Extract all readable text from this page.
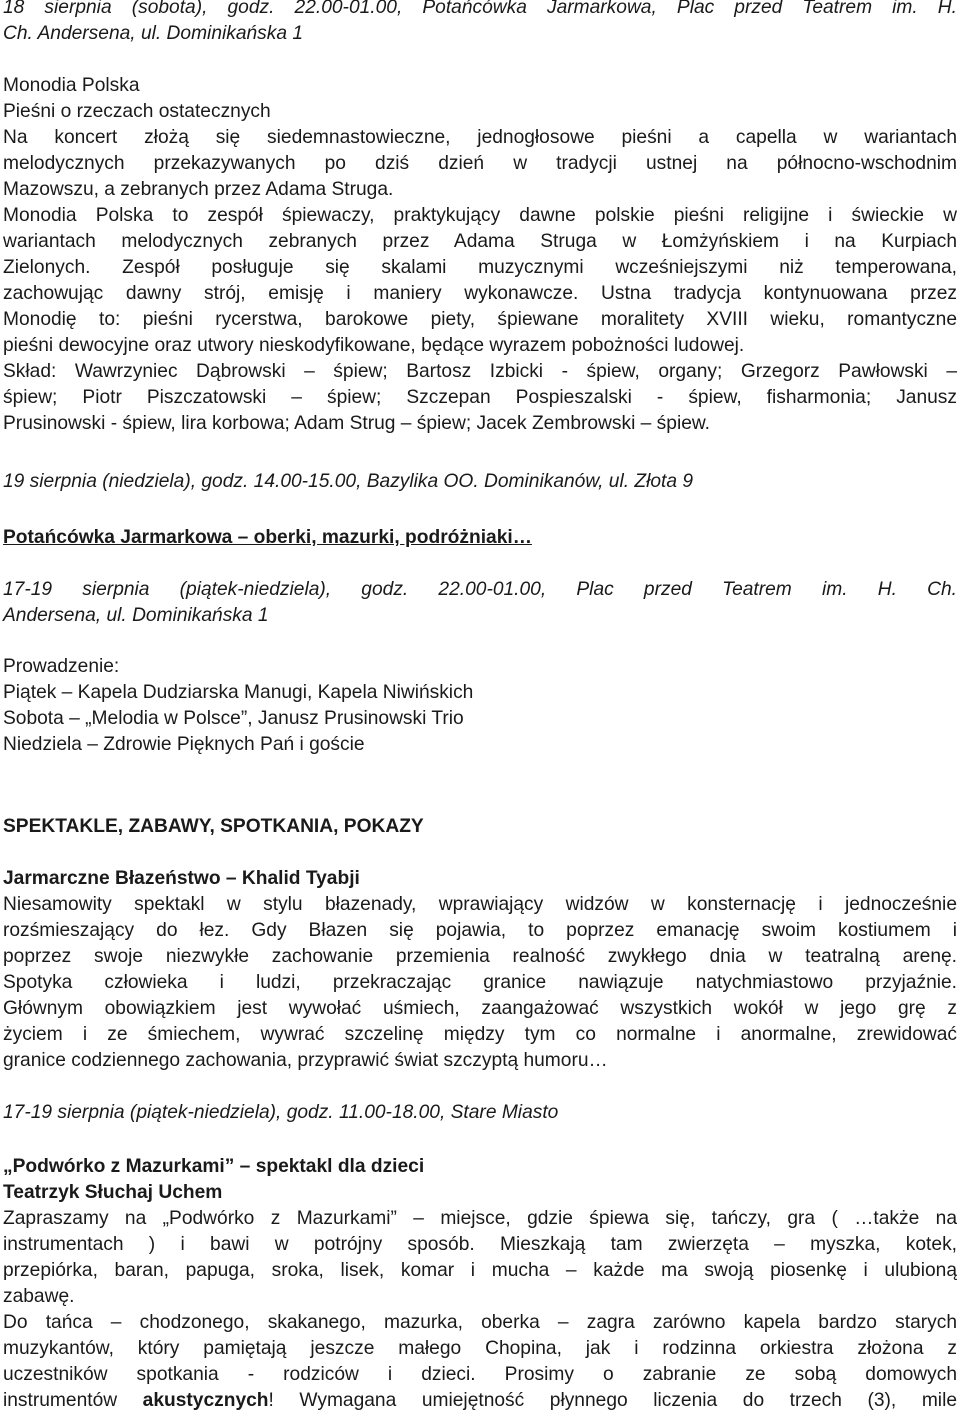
18 sierpnia (sobota), godz. 22.00-01.00, Potańcówka Jarmarkowa, Plac przed Teatrem im. H.
Ch. Andersena, ul. Dominikańska 1
Monodia Polska
Pieśni o rzeczach ostatecznych
Na koncert złożą się siedemnastowieczne, jednogłosowe pieśni a capella w wariantach
melodycznych przekazywanych po dziś dzień w tradycji ustnej na północno-wschodnim
Mazowszu, a zebranych przez Adama Struga.
Monodia Polska to zespół śpiewaczy, praktykujący dawne polskie pieśni religijne i świeckie w
wariantach melodycznych zebranych przez Adama Struga w Łomżyńskiem i na Kurpiach
Zielonych. Zespół posługuje się skalami muzycznymi wcześniejszymi niż temperowana,
zachowując dawny strój, emisję i maniery wykonawcze. Ustna tradycja kontynuowana przez
Monodię to: pieśni rycerstwa, barokowe piety, śpiewane moralitety XVIII wieku, romantyczne
pieśni dewocyjne oraz utwory nieskodyfikowane, będące wyrazem pobożności ludowej.
Skład: Wawrzyniec Dąbrowski – śpiew; Bartosz Izbicki - śpiew, organy; Grzegorz Pawłowski –
śpiew; Piotr Piszczatowski – śpiew; Szczepan Pospieszalski - śpiew, fisharmonia; Janusz
Prusinowski - śpiew, lira korbowa; Adam Strug – śpiew; Jacek Zembrowski – śpiew.
19 sierpnia (niedziela), godz. 14.00-15.00, Bazylika OO. Dominikanów, ul. Złota 9
Potańcówka Jarmarkowa – oberki, mazurki, podróżniaki…
17-19 sierpnia (piątek-niedziela), godz. 22.00-01.00, Plac przed Teatrem im. H. Ch.
Andersena, ul. Dominikańska 1
Prowadzenie:
Piątek – Kapela Dudziarska Manugi, Kapela Niwińskich
Sobota – „Melodia w Polsce”, Janusz Prusinowski Trio
Niedziela – Zdrowie Pięknych Pań i goście
SPEKTAKLE, ZABAWY, SPOTKANIA, POKAZY
Jarmarczne Błazeństwo – Khalid Tyabji
Niesamowity spektakl w stylu błazenady, wprawiający widzów w konsternację i jednocześnie
rozśmieszający do łez. Gdy Błazen się pojawia, to poprzez emanację swoim kostiumem i
poprzez swoje niezwykłe zachowanie przemienia realność zwykłego dnia w teatralną arenę.
Spotyka człowieka i ludzi, przekraczając granice nawiązuje natychmiastowo przyjaźnie.
Głównym obowiązkiem jest wywołać uśmiech, zaangażować wszystkich wokół w jego grę z
życiem i ze śmiechem, wywrać szczelinę między tym co normalne i anormalne, zrewidować
granice codziennego zachowania, przyprawić świat szczyptą humoru…
17-19 sierpnia (piątek-niedziela), godz. 11.00-18.00, Stare Miasto
„Podwórko z Mazurkami” – spektakl dla dzieci
Teatrzyk Słuchaj Uchem
Zapraszamy na „Podwórko z Mazurkami” – miejsce, gdzie śpiewa się, tańczy, gra ( …także na
instrumentach ) i bawi w potrójny sposób. Mieszkają tam zwierzęta – myszka, kotek,
przepiórka, baran, papuga, sroka, lisek, komar i mucha – każde ma swoją piosenkę i ulubioną
zabawę.
Do tańca – chodzonego, skakanego, mazurka, oberka – zagra zarówno kapela bardzo starych
muzykantów, który pamiętają jeszcze małego Chopina, jak i rodzinna orkiestra złożona z
uczestników spotkania - rodziców i dzieci. Prosimy o zabranie ze sobą domowych
instrumentów akustycznych! Wymagana umiejętność płynnego liczenia do trzech (3), mile
